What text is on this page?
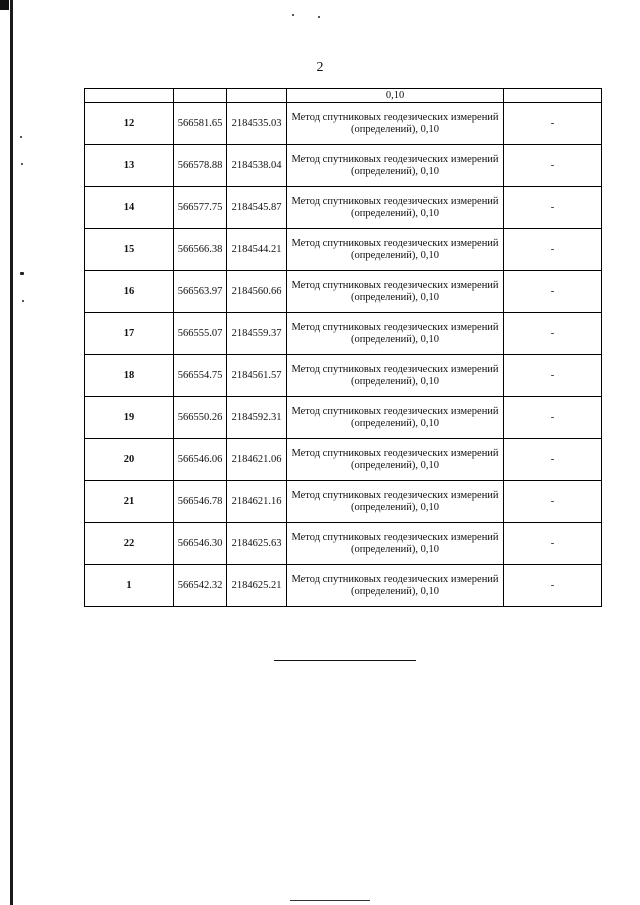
2
			0,10	
12	566581.65	2184535.03	Метод спутниковых геодезических измерений (определений), 0,10	-
13	566578.88	2184538.04	Метод спутниковых геодезических измерений (определений), 0,10	-
14	566577.75	2184545.87	Метод спутниковых геодезических измерений (определений), 0,10	-
15	566566.38	2184544.21	Метод спутниковых геодезических измерений (определений), 0,10	-
16	566563.97	2184560.66	Метод спутниковых геодезических измерений (определений), 0,10	-
17	566555.07	2184559.37	Метод спутниковых геодезических измерений (определений), 0,10	-
18	566554.75	2184561.57	Метод спутниковых геодезических измерений (определений), 0,10	-
19	566550.26	2184592.31	Метод спутниковых геодезических измерений (определений), 0,10	-
20	566546.06	2184621.06	Метод спутниковых геодезических измерений (определений), 0,10	-
21	566546.78	2184621.16	Метод спутниковых геодезических измерений (определений), 0,10	-
22	566546.30	2184625.63	Метод спутниковых геодезических измерений (определений), 0,10	-
1	566542.32	2184625.21	Метод спутниковых геодезических измерений (определений), 0,10	-
